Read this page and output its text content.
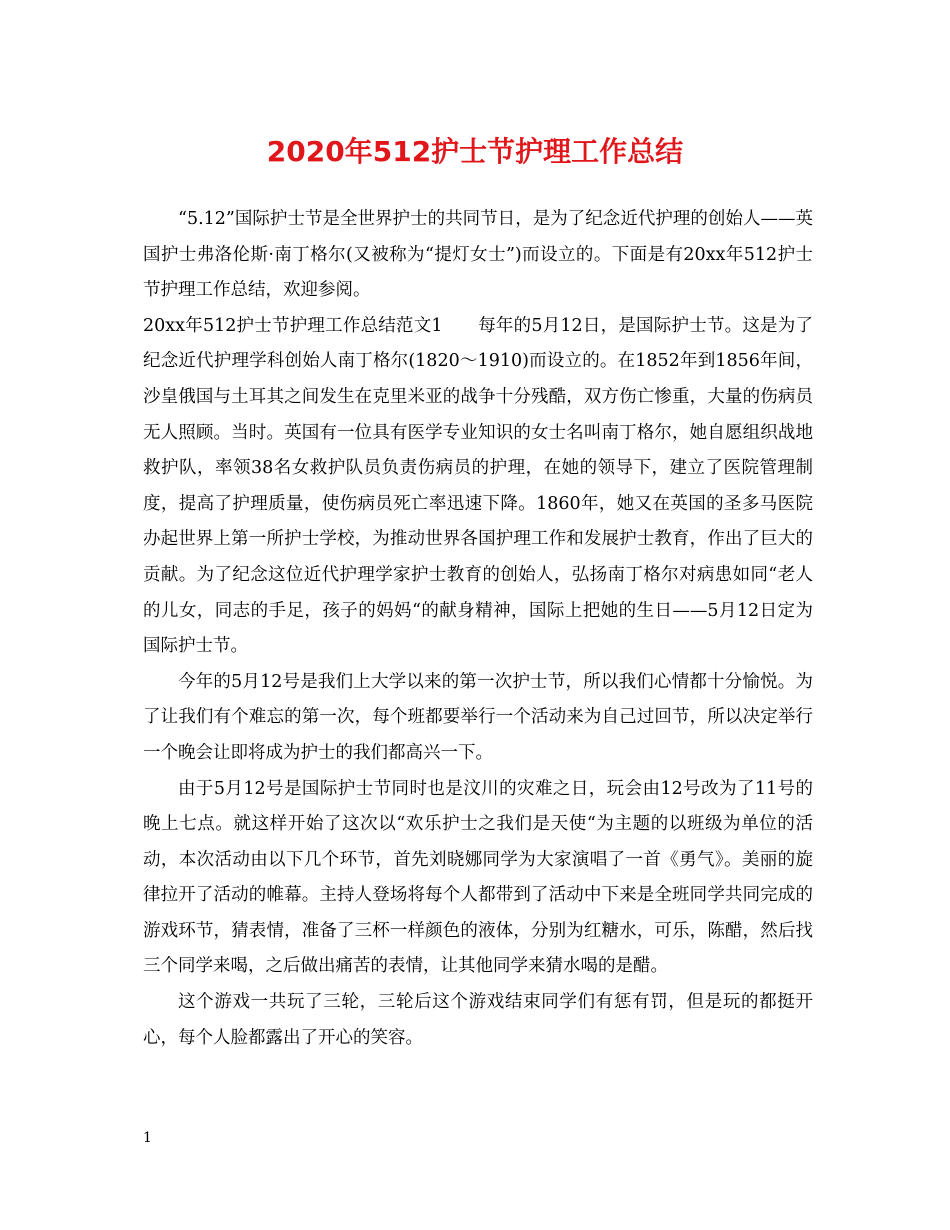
2020年512护士节护理工作总结

“5.12”国际护士节是全世界护士的共同节日，是为了纪念近代护理的创始人——英国护士弗洛伦斯·南丁格尔(又被称为“提灯女士”)而设立的。下面是有20xx年512护士节护理工作总结，欢迎参阅。

20xx年512护士节护理工作总结范文1　　每年的5月12日，是国际护士节。这是为了纪念近代护理学科创始人南丁格尔(1820～1910)而设立的。在1852年到1856年间，沙皇俄国与土耳其之间发生在克里米亚的战争十分残酷，双方伤亡惨重，大量的伤病员无人照顾。当时。英国有一位具有医学专业知识的女士名叫南丁格尔，她自愿组织战地救护队，率领38名女救护队员负责伤病员的护理，在她的领导下，建立了医院管理制度，提高了护理质量，使伤病员死亡率迅速下降。1860年，她又在英国的圣多马医院办起世界上第一所护士学校，为推动世界各国护理工作和发展护士教育，作出了巨大的贡献。为了纪念这位近代护理学家护士教育的创始人，弘扬南丁格尔对病患如同“老人的儿女，同志的手足，孩子的妈妈“的献身精神，国际上把她的生日——5月12日定为国际护士节。

今年的5月12号是我们上大学以来的第一次护士节，所以我们心情都十分愉悦。为了让我们有个难忘的第一次，每个班都要举行一个活动来为自己过回节，所以决定举行一个晚会让即将成为护士的我们都高兴一下。

由于5月12号是国际护士节同时也是汶川的灾难之日，玩会由12号改为了11号的晚上七点。就这样开始了这次以“欢乐护士之我们是天使“为主题的以班级为单位的活动，本次活动由以下几个环节，首先刘晓娜同学为大家演唱了一首《勇气》。美丽的旋律拉开了活动的帷幕。主持人登场将每个人都带到了活动中下来是全班同学共同完成的游戏环节，猜表情，准备了三杯一样颜色的液体，分别为红糖水，可乐，陈醋，然后找三个同学来喝，之后做出痛苦的表情，让其他同学来猜水喝的是醋。

这个游戏一共玩了三轮，三轮后这个游戏结束同学们有惩有罚，但是玩的都挺开心，每个人脸都露出了开心的笑容。

1
